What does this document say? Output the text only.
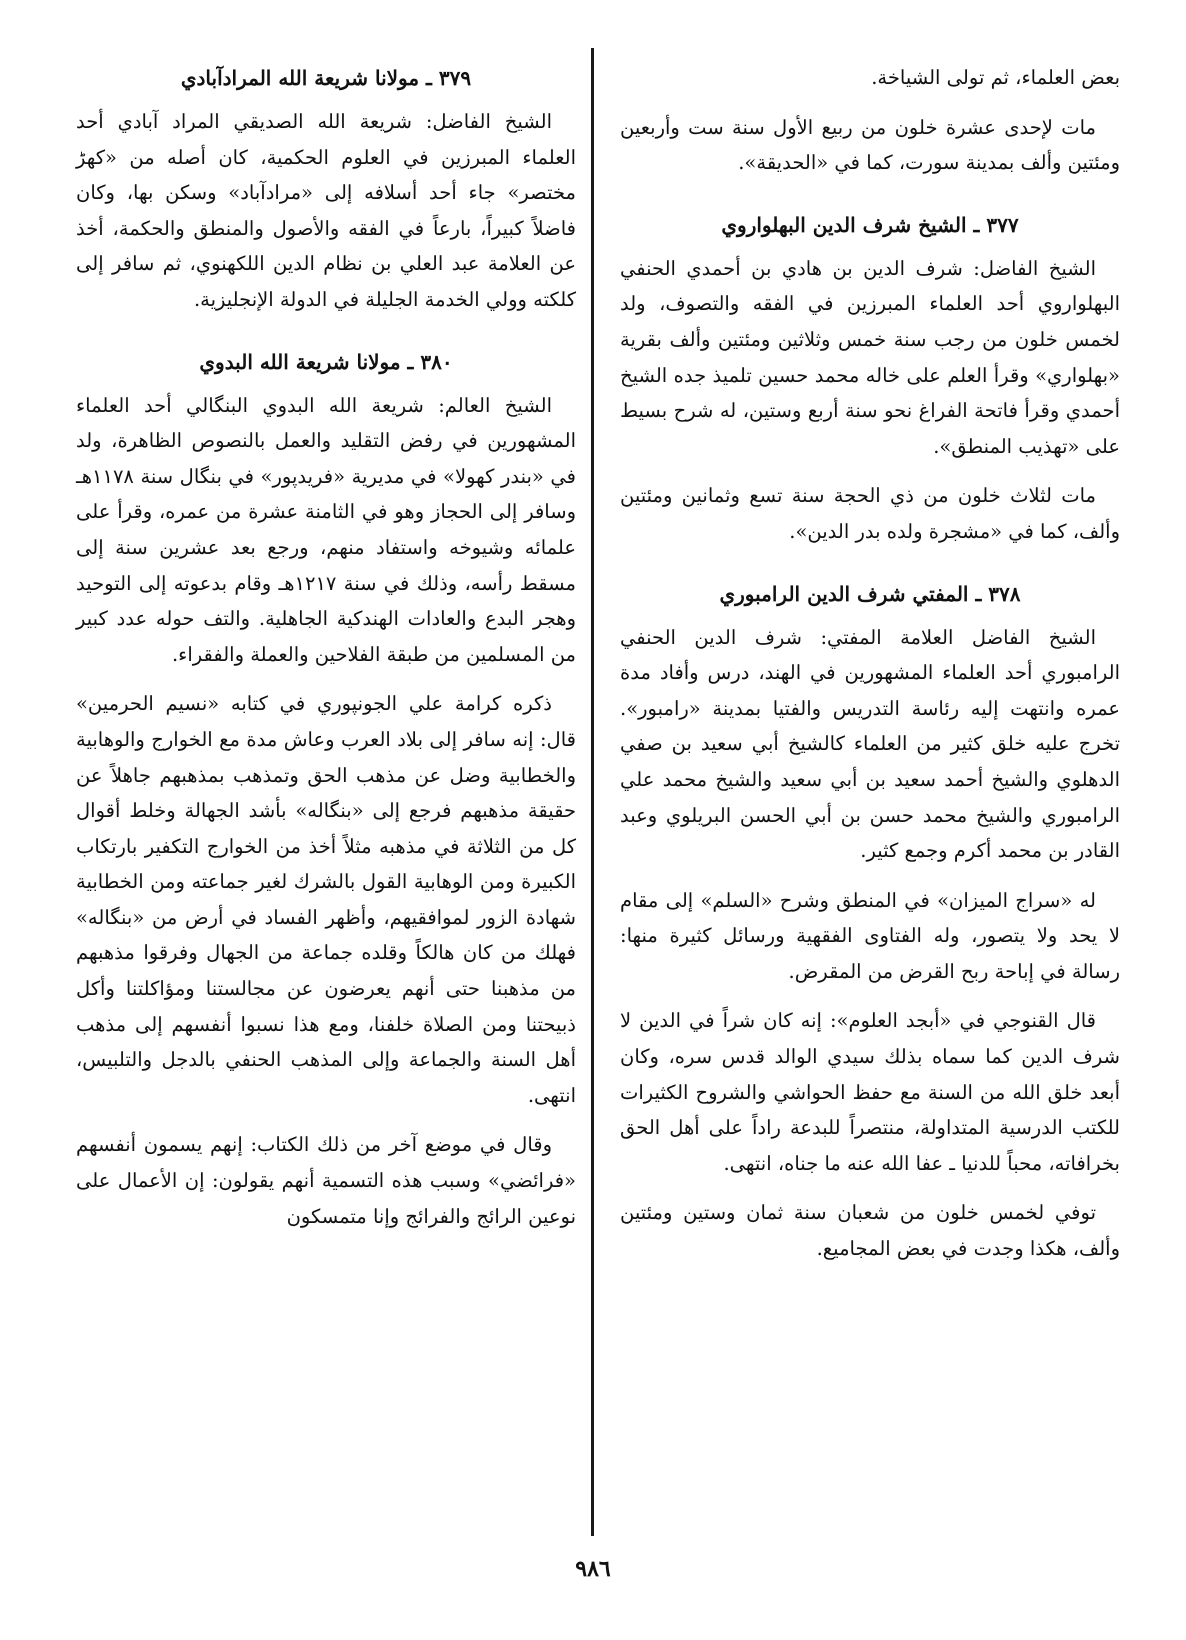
بعض العلماء، ثم تولى الشياخة.

مات لإحدى عشرة خلون من ربيع الأول سنة ست وأربعين ومئتين وألف بمدينة سورت، كما في «الحديقة».

٣٧٧ ـ الشيخ شرف الدين البهلواروي

الشيخ الفاضل: شرف الدين بن هادي بن أحمدي الحنفي البهلواروي أحد العلماء المبرزين في الفقه والتصوف، ولد لخمس خلون من رجب سنة خمس وثلاثين ومئتين وألف بقرية «بهلواري» وقرأ العلم على خاله محمد حسين تلميذ جده الشيخ أحمدي وقرأ فاتحة الفراغ نحو سنة أربع وستين، له شرح بسيط على «تهذيب المنطق».

مات لثلاث خلون من ذي الحجة سنة تسع وثمانين ومئتين وألف، كما في «مشجرة ولده بدر الدين».

٣٧٨ ـ المفتي شرف الدين الرامبوري

الشيخ الفاضل العلامة المفتي: شرف الدين الحنفي الرامبوري أحد العلماء المشهورين في الهند، درس وأفاد مدة عمره وانتهت إليه رئاسة التدريس والفتيا بمدينة «رامبور». تخرج عليه خلق كثير من العلماء كالشيخ أبي سعيد بن صفي الدهلوي والشيخ أحمد سعيد بن أبي سعيد والشيخ محمد علي الرامبوري والشيخ محمد حسن بن أبي الحسن البريلوي وعبد القادر بن محمد أكرم وجمع كثير.

له «سراج الميزان» في المنطق وشرح «السلم» إلى مقام لا يحد ولا يتصور، وله الفتاوى الفقهية ورسائل كثيرة منها: رسالة في إباحة ربح القرض من المقرض.

قال القنوجي في «أبجد العلوم»: إنه كان شراً في الدين لا شرف الدين كما سماه بذلك سيدي الوالد قدس سره، وكان أبعد خلق الله من السنة مع حفظ الحواشي والشروح الكثيرات للكتب الدرسية المتداولة، منتصراً للبدعة راداً على أهل الحق بخرافاته، محباً للدنيا ـ عفا الله عنه ما جناه، انتهى.

توفي لخمس خلون من شعبان سنة ثمان وستين ومئتين وألف، هكذا وجدت في بعض المجاميع.

٣٧٩ ـ مولانا شريعة الله المرادآبادي

الشيخ الفاضل: شريعة الله الصديقي المراد آبادي أحد العلماء المبرزين في العلوم الحكمية، كان أصله من «كهڑ مختصر» جاء أحد أسلافه إلى «مرادآباد» وسكن بها، وكان فاضلاً كبيراً، بارعاً في الفقه والأصول والمنطق والحكمة، أخذ عن العلامة عبد العلي بن نظام الدين اللكهنوي، ثم سافر إلى كلكته وولي الخدمة الجليلة في الدولة الإنجليزية.

٣٨٠ ـ مولانا شريعة الله البدوي

الشيخ العالم: شريعة الله البدوي البنگالي أحد العلماء المشهورين في رفض التقليد والعمل بالنصوص الظاهرة، ولد في «بندر كهولا» في مديرية «فريدپور» في بنگال سنة ١١٧٨هـ وسافر إلى الحجاز وهو في الثامنة عشرة من عمره، وقرأ على علمائه وشيوخه واستفاد منهم، ورجع بعد عشرين سنة إلى مسقط رأسه، وذلك في سنة ١٢١٧هـ وقام بدعوته إلى التوحيد وهجر البدع والعادات الهندكية الجاهلية. والتف حوله عدد كبير من المسلمين من طبقة الفلاحين والعملة والفقراء.

ذكره كرامة علي الجونپوري في كتابه «نسيم الحرمين» قال: إنه سافر إلى بلاد العرب وعاش مدة مع الخوارج والوهابية والخطابية وضل عن مذهب الحق وتمذهب بمذهبهم جاهلاً عن حقيقة مذهبهم فرجع إلى «بنگاله» بأشد الجهالة وخلط أقوال كل من الثلاثة في مذهبه مثلاً أخذ من الخوارج التكفير بارتكاب الكبيرة ومن الوهابية القول بالشرك لغير جماعته ومن الخطابية شهادة الزور لموافقيهم، وأظهر الفساد في أرض من «بنگاله» فهلك من كان هالكاً وقلده جماعة من الجهال وفرقوا مذهبهم من مذهبنا حتى أنهم يعرضون عن مجالستنا ومؤاكلتنا وأكل ذبيحتنا ومن الصلاة خلفنا، ومع هذا نسبوا أنفسهم إلى مذهب أهل السنة والجماعة وإلى المذهب الحنفي بالدجل والتلبيس، انتهى.

وقال في موضع آخر من ذلك الكتاب: إنهم يسمون أنفسهم «فرائضي» وسبب هذه التسمية أنهم يقولون: إن الأعمال على نوعين الرائج والفرائج وإنا متمسكون

٩٨٦
